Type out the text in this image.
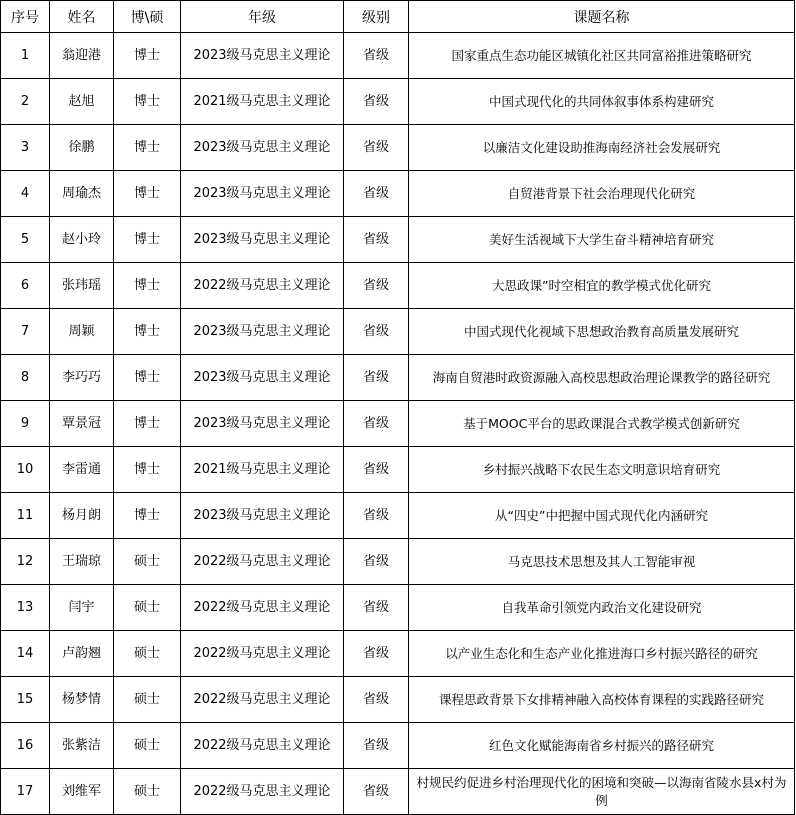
序号	姓名	博\硕	年级	级别	课题名称
1	翁迎港	博士	2023级马克思主义理论	省级	国家重点生态功能区城镇化社区共同富裕推进策略研究
2	赵旭	博士	2021级马克思主义理论	省级	中国式现代化的共同体叙事体系构建研究
3	徐鹏	博士	2023级马克思主义理论	省级	以廉洁文化建设助推海南经济社会发展研究
4	周瑜杰	博士	2023级马克思主义理论	省级	自贸港背景下社会治理现代化研究
5	赵小玲	博士	2023级马克思主义理论	省级	美好生活视域下大学生奋斗精神培育研究
6	张玮瑶	博士	2022级马克思主义理论	省级	大思政课”时空相宜的教学模式优化研究
7	周颖	博士	2023级马克思主义理论	省级	中国式现代化视域下思想政治教育高质量发展研究
8	李巧巧	博士	2023级马克思主义理论	省级	海南自贸港时政资源融入高校思想政治理论课教学的路径研究
9	覃景冠	博士	2023级马克思主义理论	省级	基于MOOC平台的思政课混合式教学模式创新研究
10	李雷通	博士	2021级马克思主义理论	省级	乡村振兴战略下农民生态文明意识培育研究
11	杨月朗	博士	2023级马克思主义理论	省级	从“四史”中把握中国式现代化内涵研究
12	王瑞琼	硕士	2022级马克思主义理论	省级	马克思技术思想及其人工智能审视
13	闫宇	硕士	2022级马克思主义理论	省级	自我革命引领党内政治文化建设研究
14	卢韵翘	硕士	2022级马克思主义理论	省级	以产业生态化和生态产业化推进海口乡村振兴路径的研究
15	杨梦情	硕士	2022级马克思主义理论	省级	课程思政背景下女排精神融入高校体育课程的实践路径研究
16	张紫洁	硕士	2022级马克思主义理论	省级	红色文化赋能海南省乡村振兴的路径研究
17	刘维军	硕士	2022级马克思主义理论	省级	村规民约促进乡村治理现代化的困境和突破—以海南省陵水县x村为例
